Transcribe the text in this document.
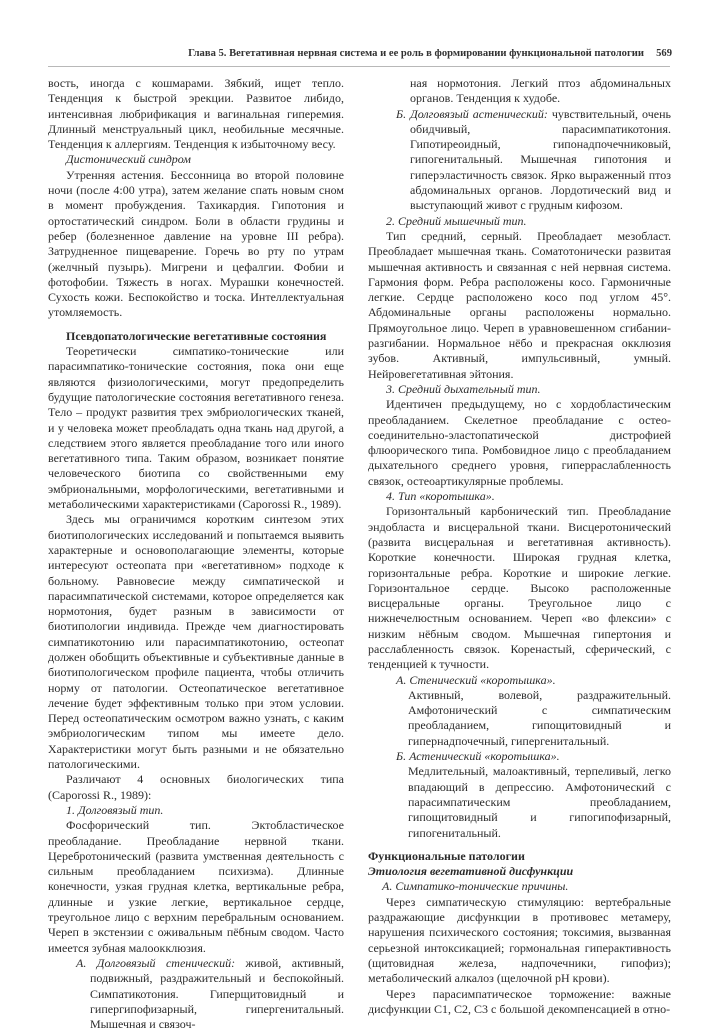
Глава 5. Вегетативная нервная система и ее роль в формировании функциональной патологии 569

вость, иногда с кошмарами. Зябкий, ищет тепло. Тенденция к быстрой эрекции. Развитое либидо, интенсивная любрификация и вагинальная гиперемия. Длинный менструальный цикл, необильные месячные. Тенденция к аллергиям. Тенденция к избыточному весу.

Дистонический синдром

Утренняя астения. Бессонница во второй половине ночи (после 4:00 утра), затем желание спать новым сном в момент пробуждения. Тахикардия. Гипотония и ортостатический синдром. Боли в области грудины и ребер (болезненное давление на уровне III ребра). Затрудненное пищеварение. Горечь во рту по утрам (желчный пузырь). Мигрени и цефалгии. Фобии и фотофобии. Тяжесть в ногах. Мурашки конечностей. Сухость кожи. Беспокойство и тоска. Интеллектуальная утомляемость.

Псевдопатологические вегетативные состояния

Теоретически симпатико-тонические или парасимпатико-тонические состояния, пока они еще являются физиологическими, могут предопределить будущие патологические состояния вегетативного генеза. Тело – продукт развития трех эмбриологических тканей, и у человека может преобладать одна ткань над другой, а следствием этого является преобладание того или иного вегетативного типа. Таким образом, возникает понятие человеческого биотипа со свойственными ему эмбриональными, морфологическими, вегетативными и метаболическими характеристиками (Caporossi R., 1989).

Здесь мы ограничимся коротким синтезом этих биотипологических исследований и попытаемся выявить характерные и основополагающие элементы, которые интересуют остеопата при «вегетативном» подходе к больному. Равновесие между симпатической и парасимпатической системами, которое определяется как нормотония, будет разным в зависимости от биотипологии индивида. Прежде чем диагностировать симпатикотонию или парасимпатикотонию, остеопат должен обобщить объективные и субъективные данные в биотипологическом профиле пациента, чтобы отличить норму от патологии. Остеопатическое вегетативное лечение будет эффективным только при этом условии. Перед остеопатическим осмотром важно узнать, с каким эмбриологическим типом мы имеете дело. Характеристики могут быть разными и не обязательно патологическими.

Различают 4 основных биологических типа (Caporossi R., 1989):

1. Долговязый тип.

Фосфорический тип. Эктобластическое преобладание. Преобладание нервной ткани. Церебротонический (развита умственная деятельность с сильным преобладанием психизма). Длинные конечности, узкая грудная клетка, вертикальные ребра, длинные и узкие легкие, вертикальное сердце, треугольное лицо с верхним перебральным основанием. Череп в экстензии с оживальным пёбным сводом. Часто имеется зубная малоокклюзия.

А. Долговязый стенический: живой, активный, подвижный, раздражительный и беспокойный. Симпатикотония. Гиперщитовидный и гипергипофизарный, гипергенитальный. Мышечная и связоч-

ная нормотония. Легкий птоз абдоминальных органов. Тенденция к худобе.

Б. Долговязый астенический: чувствительный, очень обидчивый, парасимпатикотония. Гипотиреоидный, гипонадпочечниковый, гипогенитальный. Мышечная гипотония и гиперэластичность связок. Ярко выраженный птоз абдоминальных органов. Лордотический вид и выступающий живот с грудным кифозом.

2. Средний мышечный тип.

Тип средний, серный. Преобладает мезобласт. Преобладает мышечная ткань. Соматотонически развитая мышечная активность и связанная с ней нервная система. Гармония форм. Ребра расположены косо. Гармоничные легкие. Сердце расположено косо под углом 45°. Абдоминальные органы расположены нормально. Прямоугольное лицо. Череп в уравновешенном сгибании-разгибании. Нормальное нёбо и прекрасная окклюзия зубов. Активный, импульсивный, умный. Нейровегетативная эйтония.

3. Средний дыхательный тип.

Идентичен предыдущему, но с хордобластическим преобладанием. Скелетное преобладание с остео-соединительно-эластопатической дистрофией флюорического типа. Ромбовидное лицо с преобладанием дыхательного среднего уровня, гиперраслабленность связок, остеоартикулярные проблемы.

4. Тип «коротышка».

Горизонтальный карбонический тип. Преобладание эндобласта и висцеральной ткани. Висцеротонический (развита висцеральная и вегетативная активность). Короткие конечности. Широкая грудная клетка, горизонтальные ребра. Короткие и широкие легкие. Горизонтальное сердце. Высоко расположенные висцеральные органы. Треугольное лицо с нижнечелюстным основанием. Череп «во флексии» с низким нёбным сводом. Мышечная гипертония и расслабленность связок. Коренастый, сферический, с тенденцией к тучности.

А. Стенический «коротышка».

Активный, волевой, раздражительный. Амфотонический с симпатическим преобладанием, гипощитовидный и гипернадпочечный, гипергенитальный.

Б. Астенический «коротышка».

Медлительный, малоактивный, терпеливый, легко впадающий в депрессию. Амфотонический с парасимпатическим преобладанием, гипощитовидный и гипогипофизарный, гипогенитальный.

Функциональные патологии

Этиология вегетативной дисфункции

А. Симпатико-тонические причины.

Через симпатическую стимуляцию: вертебральные раздражающие дисфункции в противовес метамеру, нарушения психического состояния; токсимия, вызванная серьезной интоксикацией; гормональная гиперактивность (щитовидная железа, надпочечники, гипофиз); метаболический алкалоз (щелочной pH крови).

Через парасимпатическое торможение: важные дисфункции C1, C2, C3 с большой декомпенсацией в отно-
